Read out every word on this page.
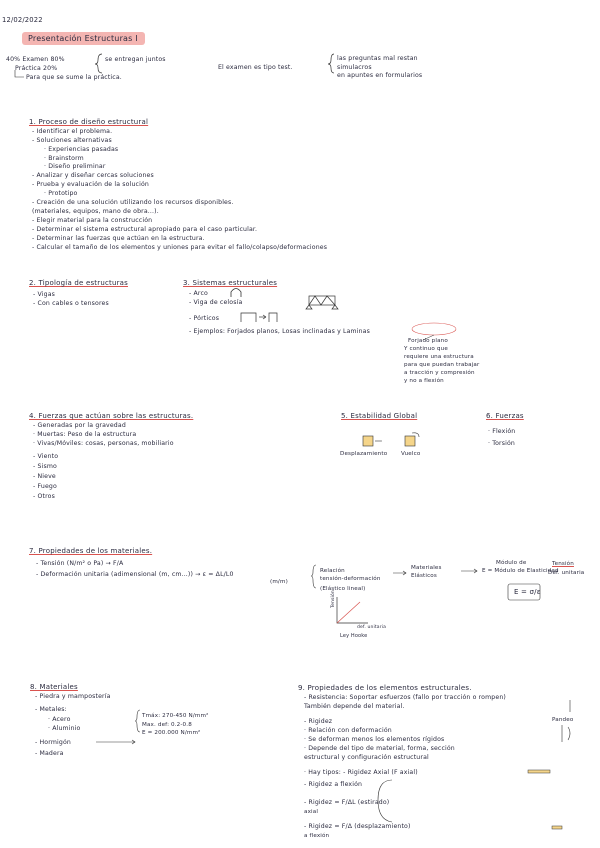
12/02/2022
Presentación Estructuras I
40% Examen 80%	se entregan juntos
Práctica 20%
Para que se sume la práctica.
El examen es tipo test.
las preguntas mal restan
simulacros
en apuntes en formularios
1. Proceso de diseño estructural
- Identificar el problema.
- Soluciones alternativas
· Experiencias pasadas
· Brainstorm
· Diseño preliminar
- Analizar y diseñar cercas soluciones
- Prueba y evaluación de la solución
· Prototipo
- Creación de una solución utilizando los recursos disponibles.
(materiales, equipos, mano de obra...).
- Elegir material para la construcción
- Determinar el sistema estructural apropiado para el caso particular.
- Determinar las fuerzas que actúan en la estructura.
- Calcular el tamaño de los elementos y uniones para evitar el fallo/colapso/deformaciones
2. Tipología de estructuras
- Vigas
- Con cables o tensores
3. Sistemas estructurales
- Arco
- Viga de celosía
- Pórticos
- Ejemplos: Forjados planos, Losas inclinadas y Laminas
Forjado plano
Y continuo que
requiere una estructura
para que puedan trabajar
a tracción y compresión
y no a flexión
4. Fuerzas que actúan sobre las estructuras.
- Generadas por la gravedad
· Muertas: Peso de la estructura
· Vivas/Móviles: cosas, personas, mobiliario
- Viento
- Sismo
- Nieve
- Fuego
- Otros
5. Estabilidad Global
Desplazamiento Vuelco
6. Fuerzas
· Flexión
· Torsión
7. Propiedades de los materiales.
- Tensión (N/m² o Pa) → F/A
- Deformación unitaria (adimensional (m, cm...)) → ε = ΔL/L0
(m/m)
Relación
tensión-deformación
(Elástico lineal)
Materiales
Elásticos
Módulo de
E = Módulo de Elasticidad
Tensión
Def. unitaria
E = σ/ε
Tensión
def. unitaria
Ley Hooke
8. Materiales
- Piedra y mampostería
- Metales:
· Acero
· Aluminio
- Hormigón
- Madera
Tmáx: 270-450 N/mm²
Max. def: 0.2-0.8
E = 200.000 N/mm²
9. Propiedades de los elementos estructurales.
- Resistencia: Soportar esfuerzos (fallo por tracción o rompen)
También depende del material.
- Rigidez
· Relación con deformación
· Se deforman menos los elementos rígidos
· Depende del tipo de material, forma, sección
estructural y configuración estructural
· Hay tipos: - Rigidez Axial (F axial)
- Rigidez a flexión
- Rigidez = F/ΔL (estirado)
axial
- Rigidez = F/Δ (desplazamiento)
a flexión
Pandeo
